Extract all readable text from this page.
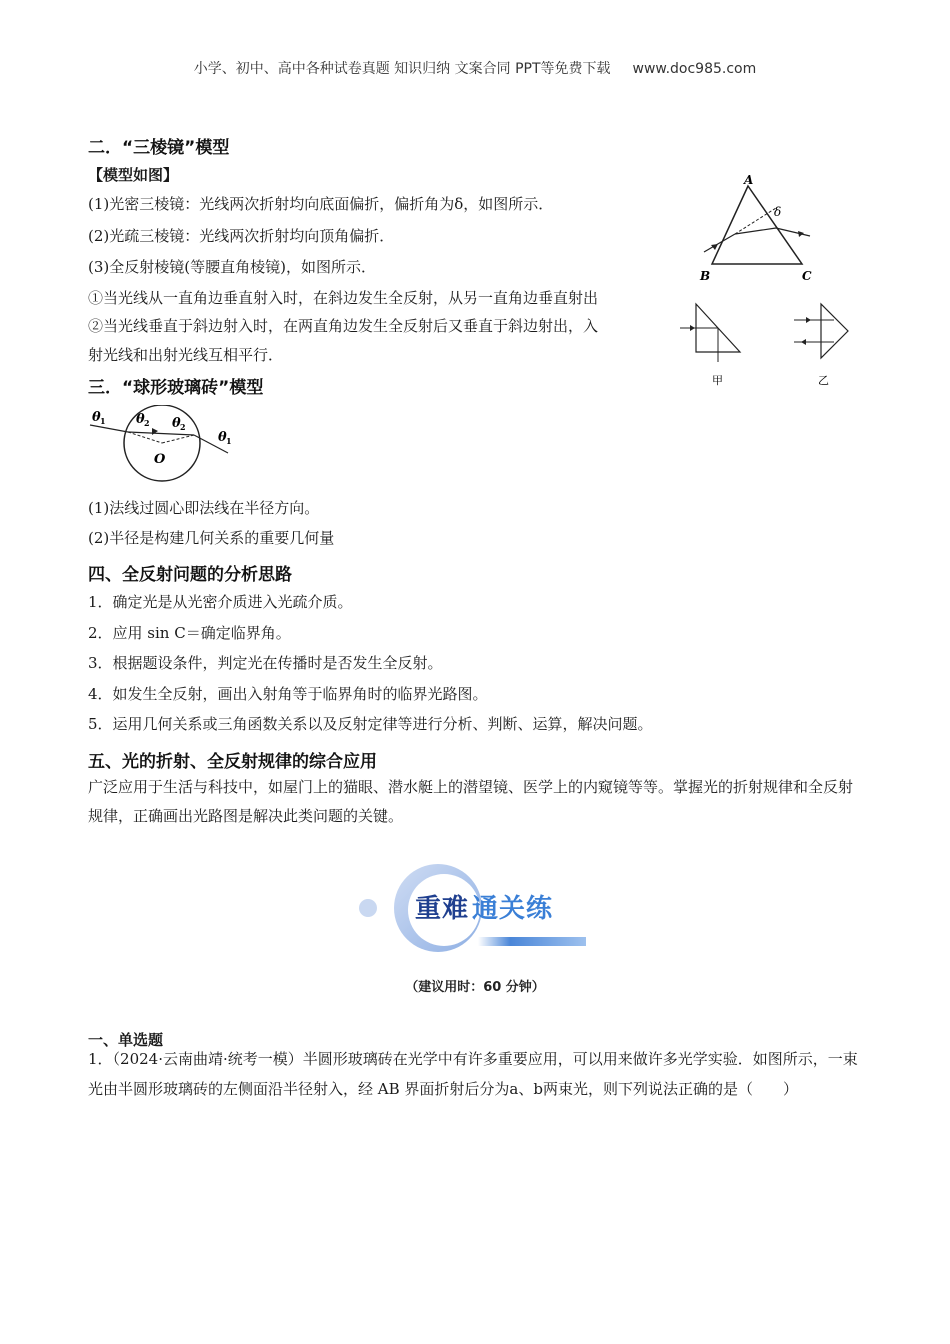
小学、初中、高中各种试卷真题 知识归纳 文案合同 PPT等免费下载 www.doc985.com
二．“三棱镜”模型
【模型如图】
(1)光密三棱镜：光线两次折射均向底面偏折，偏折角为δ，如图所示．
(2)光疏三棱镜：光线两次折射均向顶角偏折．
(3)全反射棱镜(等腰直角棱镜)，如图所示．
①当光线从一直角边垂直射入时，在斜边发生全反射，从另一直角边垂直射出
②当光线垂直于斜边射入时，在两直角边发生全反射后又垂直于斜边射出，入
射光线和出射光线互相平行．
A
B	C
δ
甲	乙
三．“球形玻璃砖”模型
θ 1 θ 2 θ 2
θ 1
O
(1)法线过圆心即法线在半径方向。
(2)半径是构建几何关系的重要几何量
四、全反射问题的分析思路
1．确定光是从光密介质进入光疏介质。
2．应用 sin C＝确定临界角。
3．根据题设条件，判定光在传播时是否发生全反射。
4．如发生全反射，画出入射角等于临界角时的临界光路图。
5．运用几何关系或三角函数关系以及反射定律等进行分析、判断、运算，解决问题。
五、光的折射、全反射规律的综合应用
广泛应用于生活与科技中，如屋门上的猫眼、潜水艇上的潜望镜、医学上的内窥镜等等。掌握光的折射规律和全反射规律，正确画出光路图是解决此类问题的关键。
重难 通关练
（建议用时：60 分钟）
一、单选题
1．（2024·云南曲靖·统考一模）半圆形玻璃砖在光学中有许多重要应用，可以用来做许多光学实验．如图所示，一束光由半圆形玻璃砖的左侧面沿半径射入，经 AB 界面折射后分为a、b两束光，则下列说法正确的是（　　）
